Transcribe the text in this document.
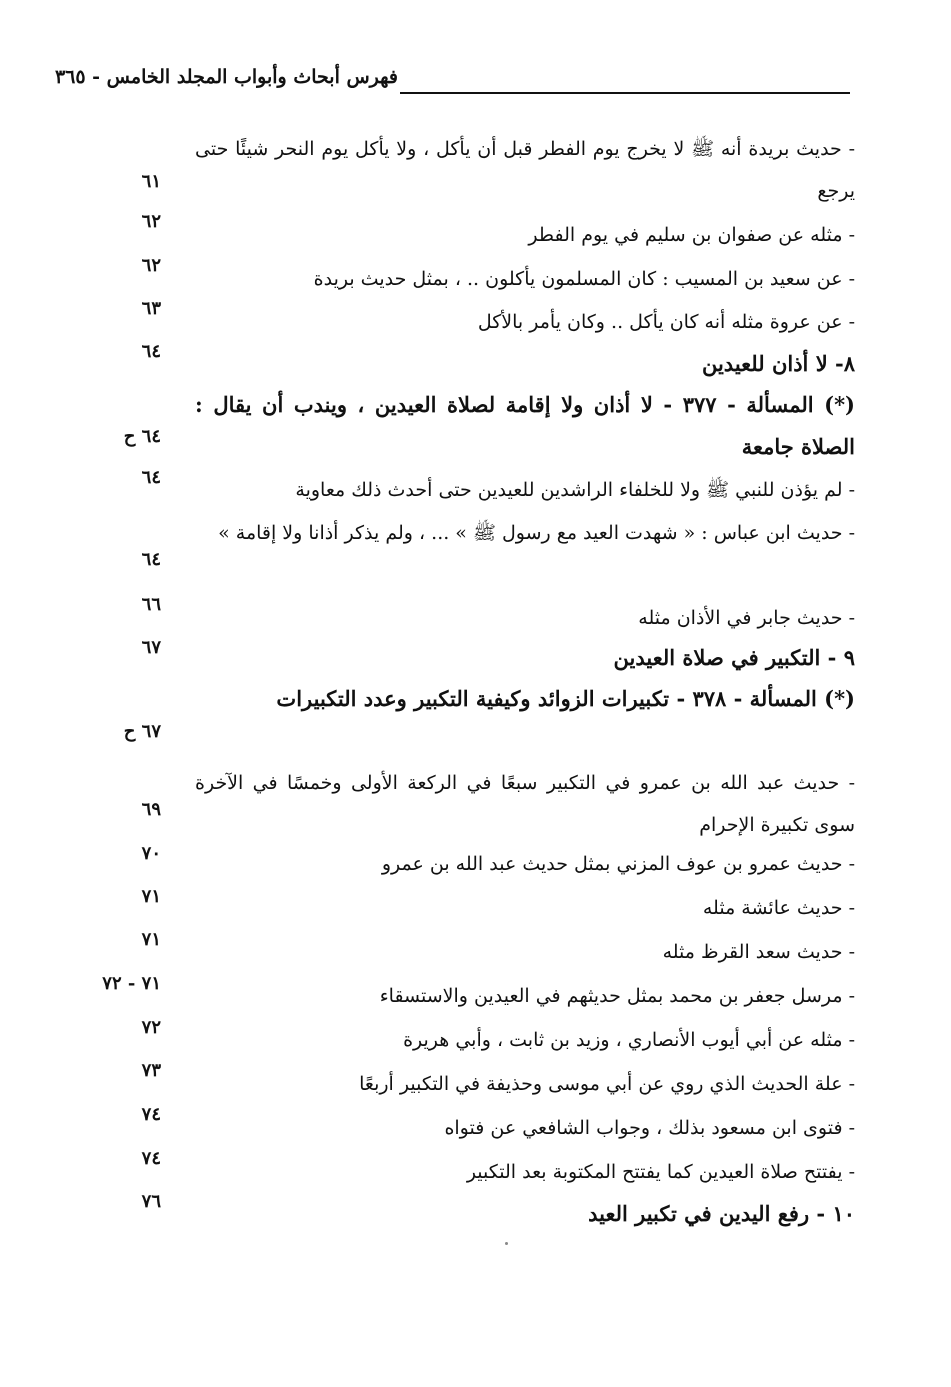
فهرس أبحاث وأبواب المجلد الخامس - ٣٦٥
- حديث بريدة أنه ﷺ لا يخرج يوم الفطر قبل أن يأكل ، ولا يأكل يوم النحر شيئًا حتى يرجع
٦١
- مثله عن صفوان بن سليم في يوم الفطر
٦٢
- عن سعيد بن المسيب : كان المسلمون يأكلون .. ، بمثل حديث بريدة
٦٢
- عن عروة مثله أنه كان يأكل .. وكان يأمر بالأكل
٦٣
٨- لا أذان للعيدين
٦٤
(*) المسألة - ٣٧٧ - لا أذان ولا إقامة لصلاة العيدين ، ويندب أن يقال : الصلاة جامعة
٦٤ ح
- لم يؤذن للنبي ﷺ ولا للخلفاء الراشدين للعيدين حتى أحدث ذلك معاوية
٦٤
- حديث ابن عباس : « شهدت العيد مع رسول ﷺ » ... ، ولم يذكر أذانا ولا إقامة »
٦٤
- حديث جابر في الأذان مثله
٦٦
٩ - التكبير في صلاة العيدين
٦٧
(*) المسألة - ٣٧٨ - تكبيرات الزوائد وكيفية التكبير وعدد التكبيرات
٦٧ ح
- حديث عبد الله بن عمرو في التكبير سبعًا في الركعة الأولى وخمسًا في الآخرة سوى تكبيرة الإحرام
٦٩
- حديث عمرو بن عوف المزني بمثل حديث عبد الله بن عمرو
٧٠
- حديث عائشة مثله
٧١
- حديث سعد القرظ مثله
٧١
- مرسل جعفر بن محمد بمثل حديثهم في العيدين والاستسقاء
٧١ - ٧٢
- مثله عن أبي أيوب الأنصاري ، وزيد بن ثابت ، وأبي هريرة
٧٢
- علة الحديث الذي روي عن أبي موسى وحذيفة في التكبير أربعًا
٧٣
- فتوى ابن مسعود بذلك ، وجواب الشافعي عن فتواه
٧٤
- يفتتح صلاة العيدين كما يفتتح المكتوبة بعد التكبير
٧٤
١٠ - رفع اليدين في تكبير العيد
٧٦
